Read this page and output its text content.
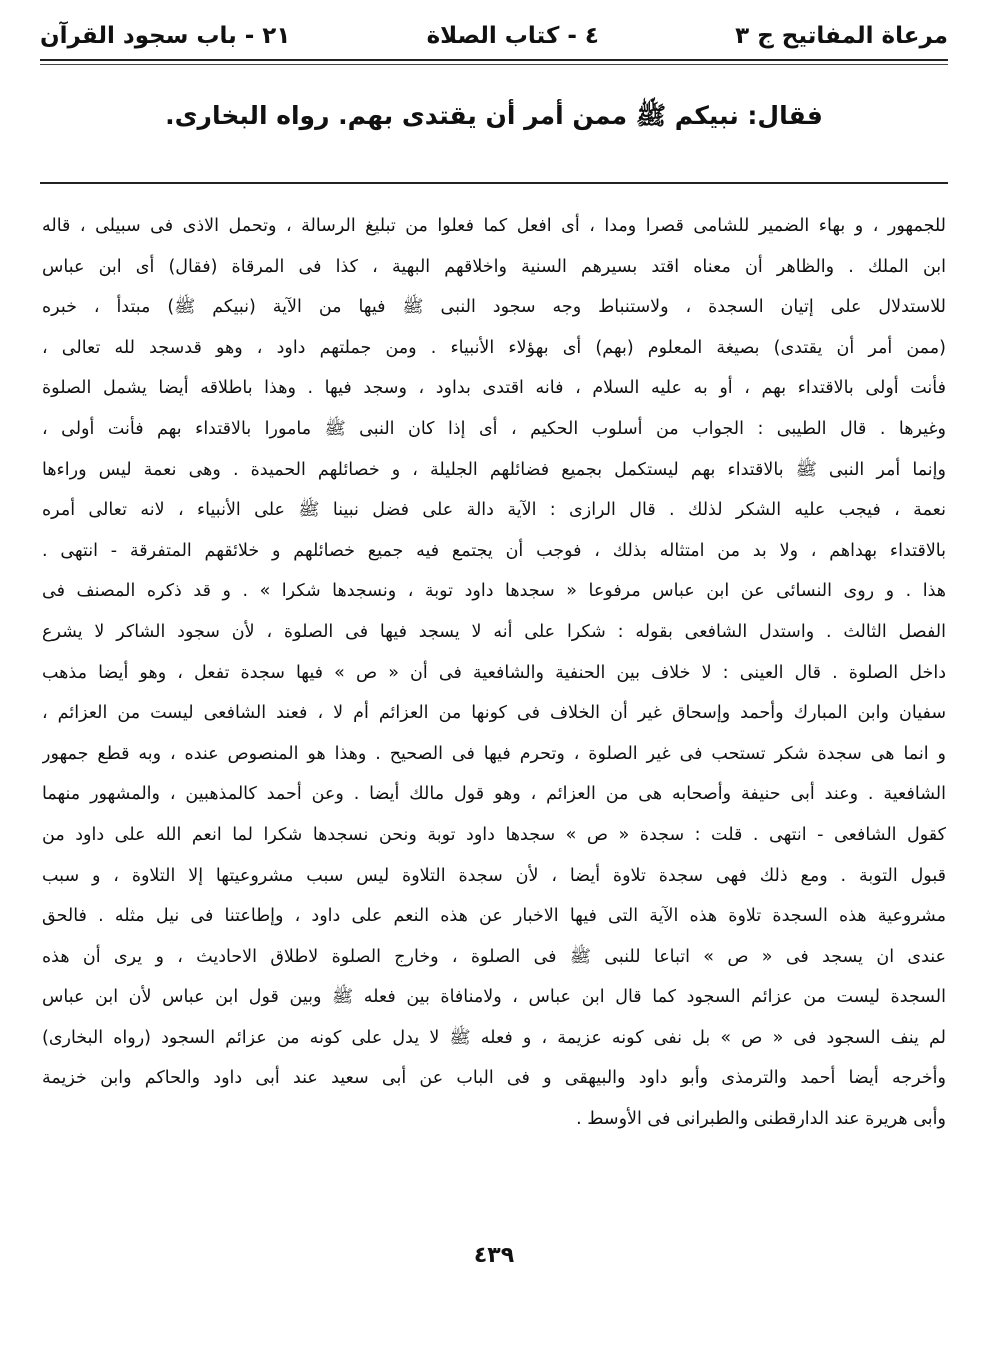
مرعاة المفاتيح ج ٣
٤ - كتاب الصلاة
٢١ - باب سجود القرآن
فقال: نبيكم ﷺ ممن أمر أن يقتدى بهم. رواه البخارى.
للجمهور ، و بهاء الضمير للشامى قصرا ومدا ، أى افعل كما فعلوا من تبليغ الرسالة ، وتحمل الاذى فى سبيلى ، قاله
ابن الملك . والظاهر أن معناه اقتد بسيرهم السنية واخلاقهم البهية ، كذا فى المرقاة (فقال) أى ابن عباس
للاستدلال على إتيان السجدة ، ولاستنباط وجه سجود النبى ﷺ فيها من الآية (نبيكم ﷺ) مبتدأ ، خبره
(ممن أمر أن يقتدى) بصيغة المعلوم (بهم) أى بهؤلاء الأنبياء . ومن جملتهم داود ، وهو قدسجد لله تعالى ،
فأنت أولى بالاقتداء بهم ، أو به عليه السلام ، فانه اقتدى بداود ، وسجد فيها . وهذا باطلاقه أيضا يشمل الصلوة
وغيرها . قال الطيبى : الجواب من أسلوب الحكيم ، أى إذا كان النبى ﷺ مامورا بالاقتداء بهم فأنت أولى ،
وإنما أمر النبى ﷺ بالاقتداء بهم ليستكمل بجميع فضائلهم الجليلة ، و خصائلهم الحميدة . وهى نعمة ليس وراءها
نعمة ، فيجب عليه الشكر لذلك . قال الرازى : الآية دالة على فضل نبينا ﷺ على الأنبياء ، لانه تعالى أمره
بالاقتداء بهداهم ، ولا بد من امتثاله بذلك ، فوجب أن يجتمع فيه جميع خصائلهم و خلائقهم المتفرقة - انتهى .
هذا . و روى النسائى عن ابن عباس مرفوعا « سجدها داود توبة ، ونسجدها شكرا » . و قد ذكره المصنف فى
الفصل الثالث . واستدل الشافعى بقوله : شكرا على أنه لا يسجد فيها فى الصلوة ، لأن سجود الشاكر لا يشرع
داخل الصلوة . قال العينى : لا خلاف بين الحنفية والشافعية فى أن « ص » فيها سجدة تفعل ، وهو أيضا مذهب
سفيان وابن المبارك وأحمد وإسحاق غير أن الخلاف فى كونها من العزائم أم لا ، فعند الشافعى ليست من العزائم ،
و انما هى سجدة شكر تستحب فى غير الصلوة ، وتحرم فيها فى الصحيح . وهذا هو المنصوص عنده ، وبه قطع جمهور
الشافعية . وعند أبى حنيفة وأصحابه هى من العزائم ، وهو قول مالك أيضا . وعن أحمد كالمذهبين ، والمشهور منهما
كقول الشافعى - انتهى . قلت : سجدة « ص » سجدها داود توبة ونحن نسجدها شكرا لما انعم الله على داود من
قبول التوبة . ومع ذلك فهى سجدة تلاوة أيضا ، لأن سجدة التلاوة ليس سبب مشروعيتها إلا التلاوة ، و سبب
مشروعية هذه السجدة تلاوة هذه الآية التى فيها الاخبار عن هذه النعم على داود ، وإطاعتنا فى نيل مثله . فالحق
عندى ان يسجد فى « ص » اتباعا للنبى ﷺ فى الصلوة ، وخارج الصلوة لاطلاق الاحاديث ، و يرى أن هذه
السجدة ليست من عزائم السجود كما قال ابن عباس ، ولامنافاة بين فعله ﷺ وبين قول ابن عباس لأن ابن عباس
لم ينف السجود فى « ص » بل نفى كونه عزيمة ، و فعله ﷺ لا يدل على كونه من عزائم السجود (رواه البخارى)
وأخرجه أيضا أحمد والترمذى وأبو داود والبيهقى و فى الباب عن أبى سعيد عند أبى داود والحاكم وابن خزيمة
وأبى هريرة عند الدارقطنى والطبرانى فى الأوسط .
٤٣٩
